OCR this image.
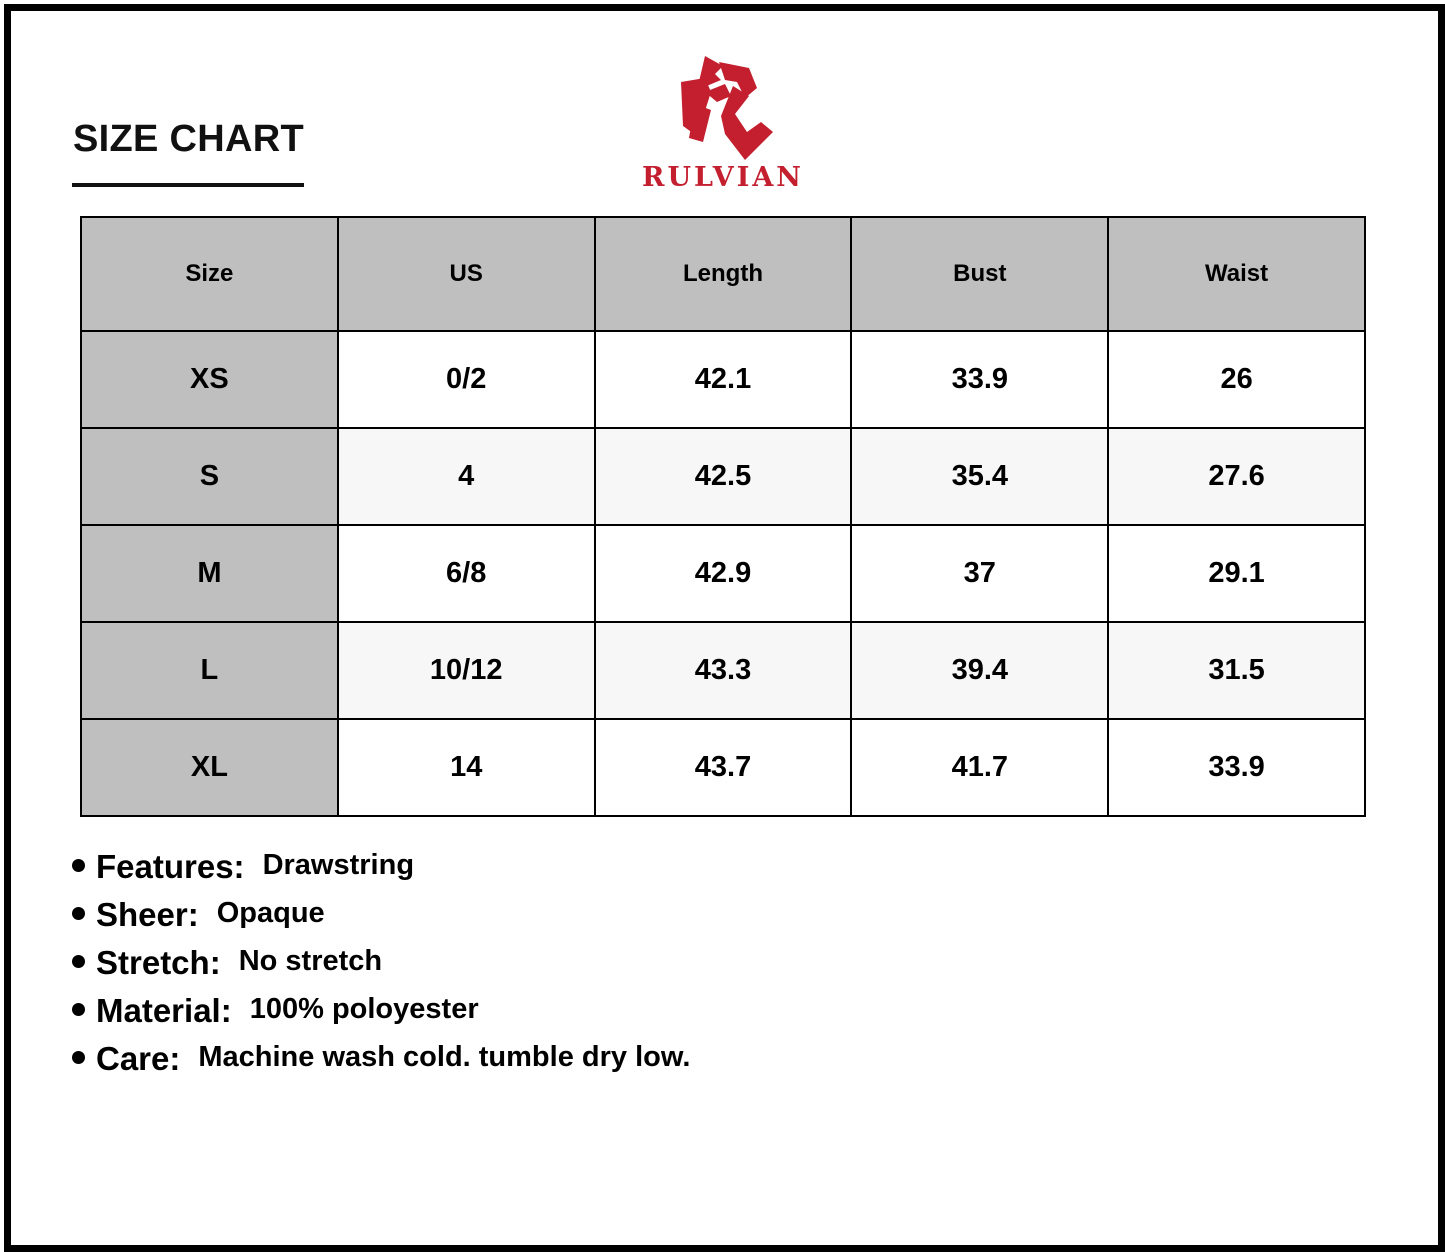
SIZE CHART
RULVIAN
Size	US	Length	Bust	Waist
XS	0/2	42.1	33.9	26
S	4	42.5	35.4	27.6
M	6/8	42.9	37	29.1
L	10/12	43.3	39.4	31.5
XL	14	43.7	41.7	33.9
Features: Drawstring
Sheer: Opaque
Stretch: No stretch
Material: 100% poloyester
Care: Machine wash cold. tumble dry low.
